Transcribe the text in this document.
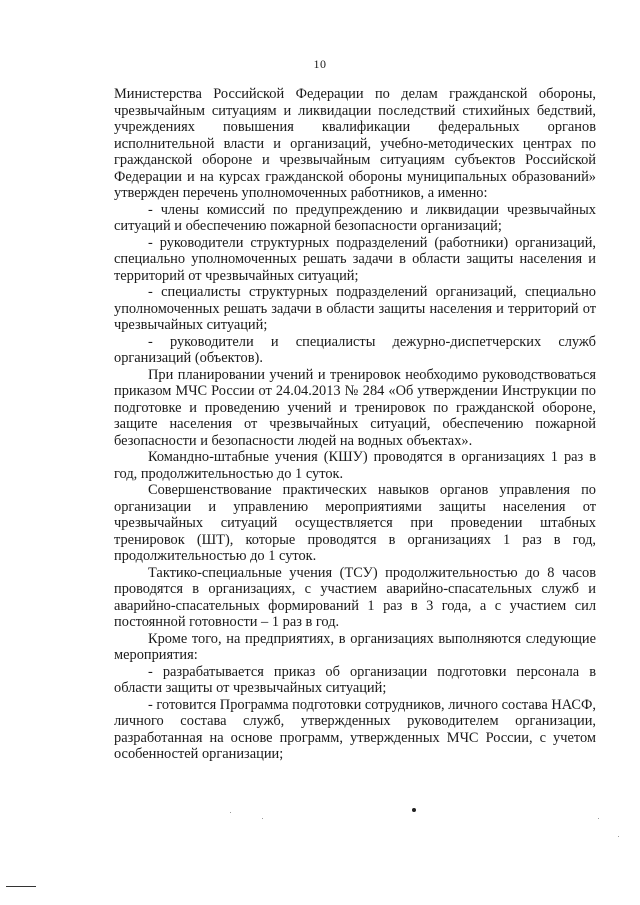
10

Министерства Российской Федерации по делам гражданской обороны, чрезвычайным ситуациям и ликвидации последствий стихийных бедствий, учреждениях повышения квалификации федеральных органов исполнительной власти и организаций, учебно-методических центрах по гражданской обороне и чрезвычайным ситуациям субъектов Российской Федерации и на курсах гражданской обороны муниципальных образований» утвержден перечень уполномоченных работников, а именно:

- члены комиссий по предупреждению и ликвидации чрезвычайных ситуаций и обеспечению пожарной безопасности организаций;

- руководители структурных подразделений (работники) организаций, специально уполномоченных решать задачи в области защиты населения и территорий от чрезвычайных ситуаций;

- специалисты структурных подразделений организаций, специально уполномоченных решать задачи в области защиты населения и территорий от чрезвычайных ситуаций;

- руководители и специалисты дежурно-диспетчерских служб организаций (объектов).

При планировании учений и тренировок необходимо руководствоваться приказом МЧС России от 24.04.2013 № 284 «Об утверждении Инструкции по подготовке и проведению учений и тренировок по гражданской обороне, защите населения от чрезвычайных ситуаций, обеспечению пожарной безопасности и безопасности людей на водных объектах».

Командно-штабные учения (КШУ) проводятся в организациях 1 раз в год, продолжительностью до 1 суток.

Совершенствование практических навыков органов управления по организации и управлению мероприятиями защиты населения от чрезвычайных ситуаций осуществляется при проведении штабных тренировок (ШТ), которые проводятся в организациях 1 раз в год, продолжительностью до 1 суток.

Тактико-специальные учения (ТСУ) продолжительностью до 8 часов проводятся в организациях, с участием аварийно-спасательных служб и аварийно-спасательных формирований 1 раз в 3 года, а с участием сил постоянной готовности – 1 раз в год.

Кроме того, на предприятиях, в организациях выполняются следующие мероприятия:

- разрабатывается приказ об организации подготовки персонала в области защиты от чрезвычайных ситуаций;

- готовится Программа подготовки сотрудников, личного состава НАСФ, личного состава служб, утвержденных руководителем организации, разработанная на основе программ, утвержденных МЧС России, с учетом особенностей организации;
